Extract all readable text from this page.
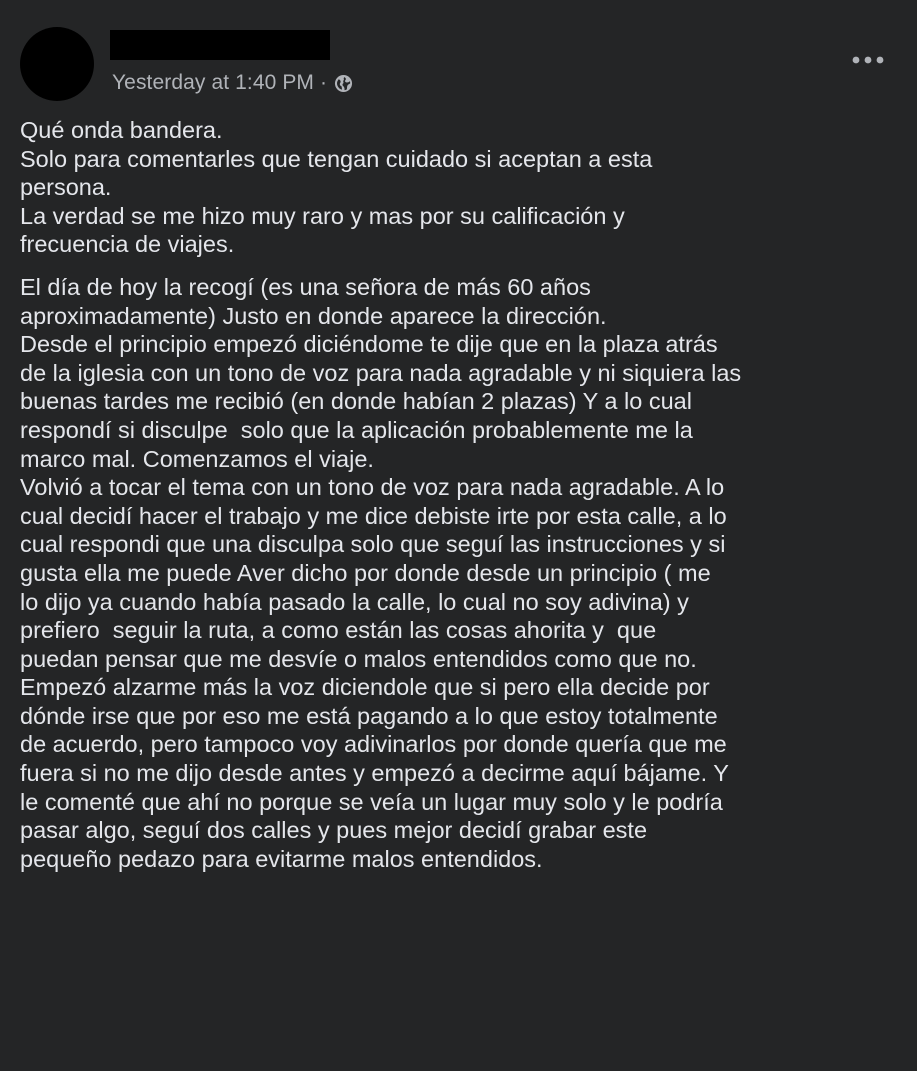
Yesterday at 1:40 PM ·
Qué onda bandera.
Solo para comentarles que tengan cuidado si aceptan a esta
persona.
La verdad se me hizo muy raro y mas por su calificación y
frecuencia de viajes.
El día de hoy la recogí (es una señora de más 60 años
aproximadamente) Justo en donde aparece la dirección.
Desde el principio empezó diciéndome te dije que en la plaza atrás
de la iglesia con un tono de voz para nada agradable y ni siquiera las
buenas tardes me recibió (en donde habían 2 plazas) Y a lo cual
respondí si disculpe  solo que la aplicación probablemente me la
marco mal. Comenzamos el viaje.
Volvió a tocar el tema con un tono de voz para nada agradable. A lo
cual decidí hacer el trabajo y me dice debiste irte por esta calle, a lo
cual respondi que una disculpa solo que seguí las instrucciones y si
gusta ella me puede Aver dicho por donde desde un principio ( me
lo dijo ya cuando había pasado la calle, lo cual no soy adivina) y
prefiero  seguir la ruta, a como están las cosas ahorita y  que
puedan pensar que me desvíe o malos entendidos como que no.
Empezó alzarme más la voz diciendole que si pero ella decide por
dónde irse que por eso me está pagando a lo que estoy totalmente
de acuerdo, pero tampoco voy adivinarlos por donde quería que me
fuera si no me dijo desde antes y empezó a decirme aquí bájame. Y
le comenté que ahí no porque se veía un lugar muy solo y le podría
pasar algo, seguí dos calles y pues mejor decidí grabar este
pequeño pedazo para evitarme malos entendidos.
